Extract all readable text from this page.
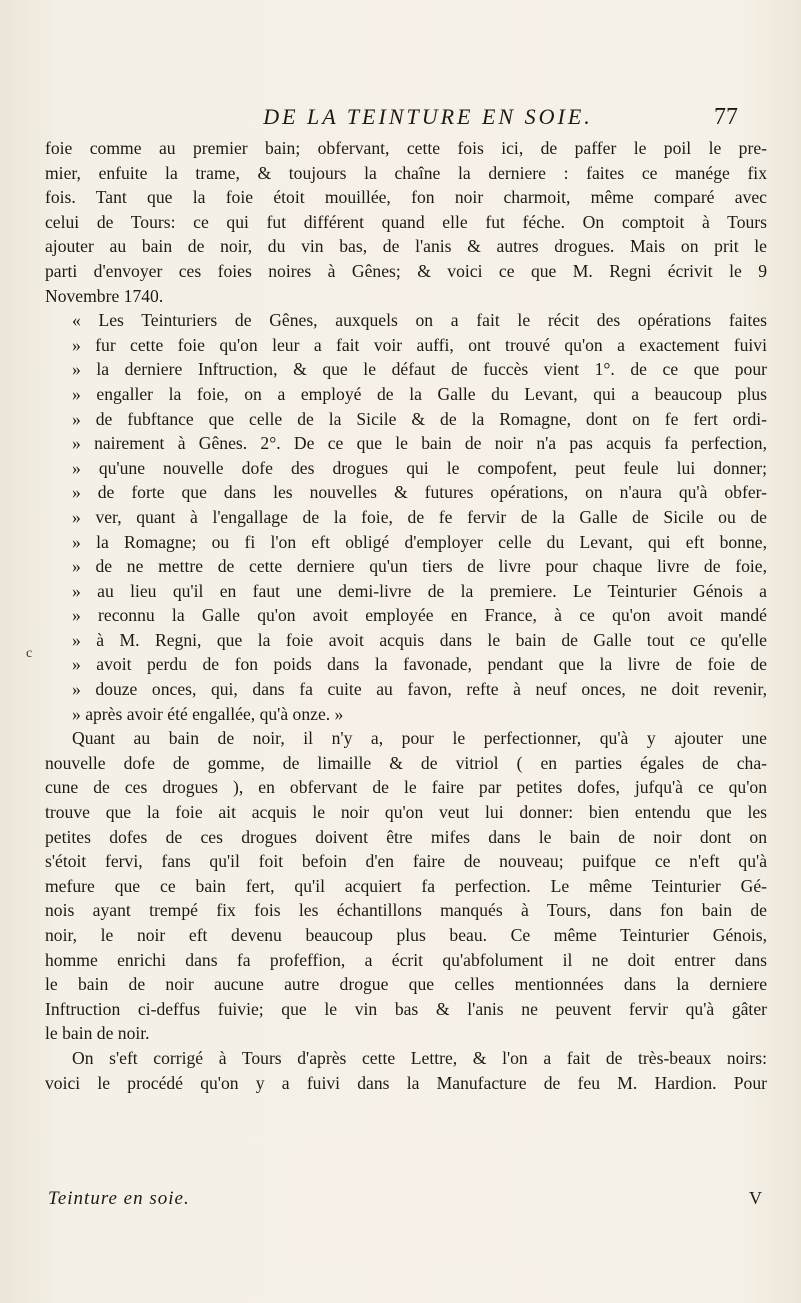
DE LA TEINTURE EN SOIE.	77
c
foie comme au premier bain; obfervant, cette fois ici, de paffer le poil le pre-
mier, enfuite la trame, & toujours la chaîne la derniere : faites ce manége fix
fois. Tant que la foie étoit mouillée, fon noir charmoit, même comparé avec
celui de Tours: ce qui fut différent quand elle fut féche. On comptoit à Tours
ajouter au bain de noir, du vin bas, de l'anis & autres drogues. Mais on prit le
parti d'envoyer ces foies noires à Gênes; & voici ce que M. Regni écrivit le 9
Novembre 1740.
« Les Teinturiers de Gênes, auxquels on a fait le récit des opérations faites
» fur cette foie qu'on leur a fait voir auffi, ont trouvé qu'on a exactement fuivi
» la derniere Inftruction, & que le défaut de fuccès vient 1°. de ce que pour
» engaller la foie, on a employé de la Galle du Levant, qui a beaucoup plus
» de fubftance que celle de la Sicile & de la Romagne, dont on fe fert ordi-
» nairement à Gênes. 2°. De ce que le bain de noir n'a pas acquis fa perfection,
» qu'une nouvelle dofe des drogues qui le compofent, peut feule lui donner;
» de forte que dans les nouvelles & futures opérations, on n'aura qu'à obfer-
» ver, quant à l'engallage de la foie, de fe fervir de la Galle de Sicile ou de
» la Romagne; ou fi l'on eft obligé d'employer celle du Levant, qui eft bonne,
» de ne mettre de cette derniere qu'un tiers de livre pour chaque livre de foie,
» au lieu qu'il en faut une demi-livre de la premiere. Le Teinturier Génois a
» reconnu la Galle qu'on avoit employée en France, à ce qu'on avoit mandé
» à M. Regni, que la foie avoit acquis dans le bain de Galle tout ce qu'elle
» avoit perdu de fon poids dans la favonade, pendant que la livre de foie de
» douze onces, qui, dans fa cuite au favon, refte à neuf onces, ne doit revenir,
» après avoir été engallée, qu'à onze. »
Quant au bain de noir, il n'y a, pour le perfectionner, qu'à y ajouter une
nouvelle dofe de gomme, de limaille & de vitriol ( en parties égales de cha-
cune de ces drogues ), en obfervant de le faire par petites dofes, jufqu'à ce qu'on
trouve que la foie ait acquis le noir qu'on veut lui donner: bien entendu que les
petites dofes de ces drogues doivent être mifes dans le bain de noir dont on
s'étoit fervi, fans qu'il foit befoin d'en faire de nouveau; puifque ce n'eft qu'à
mefure que ce bain fert, qu'il acquiert fa perfection. Le même Teinturier Gé-
nois ayant trempé fix fois les échantillons manqués à Tours, dans fon bain de
noir, le noir eft devenu beaucoup plus beau. Ce même Teinturier Génois,
homme enrichi dans fa profeffion, a écrit qu'abfolument il ne doit entrer dans
le bain de noir aucune autre drogue que celles mentionnées dans la derniere
Inftruction ci-deffus fuivie; que le vin bas & l'anis ne peuvent fervir qu'à gâter
le bain de noir.
On s'eft corrigé à Tours d'après cette Lettre, & l'on a fait de très-beaux noirs:
voici le procédé qu'on y a fuivi dans la Manufacture de feu M. Hardion. Pour
Teinture en soie.	V
